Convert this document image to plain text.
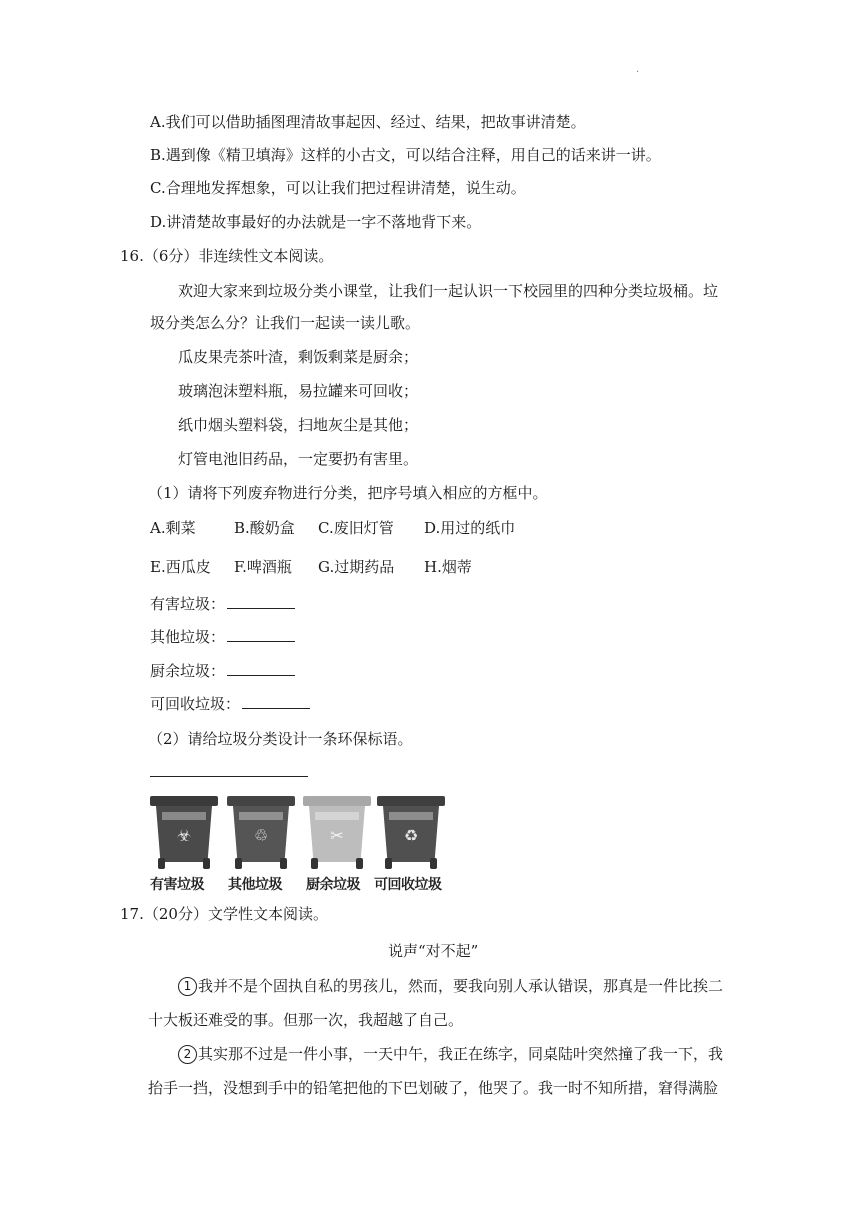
.
A.我们可以借助插图理清故事起因、经过、结果，把故事讲清楚。
B.遇到像《精卫填海》这样的小古文，可以结合注释，用自己的话来讲一讲。
C.合理地发挥想象，可以让我们把过程讲清楚，说生动。
D.讲清楚故事最好的办法就是一字不落地背下来。
16.（6分）非连续性文本阅读。
欢迎大家来到垃圾分类小课堂，让我们一起认识一下校园里的四种分类垃圾桶。垃
圾分类怎么分？让我们一起读一读儿歌。
瓜皮果壳茶叶渣，剩饭剩菜是厨余；
玻璃泡沫塑料瓶，易拉罐来可回收；
纸巾烟头塑料袋，扫地灰尘是其他；
灯管电池旧药品，一定要扔有害里。
（1）请将下列废弃物进行分类，把序号填入相应的方框中。
A.剩菜	B.酸奶盒 C.废旧灯管 D.用过的纸巾
E.西瓜皮 F.啤酒瓶 G.过期药品 H.烟蒂
有害垃圾：
其他垃圾：
厨余垃圾：
可回收垃圾：
（2）请给垃圾分类设计一条环保标语。
☣	♲	✂	♻
有害垃圾 其他垃圾 厨余垃圾 可回收垃圾
17.（20分）文学性文本阅读。
说声“对不起”
1 我并不是个固执自私的男孩儿，然而，要我向别人承认错误，那真是一件比挨二
十大板还难受的事。但那一次，我超越了自己。
2 其实那不过是一件小事，一天中午，我正在练字，同桌陆叶突然撞了我一下，我
抬手一挡，没想到手中的铅笔把他的下巴划破了，他哭了。我一时不知所措，窘得满脸
